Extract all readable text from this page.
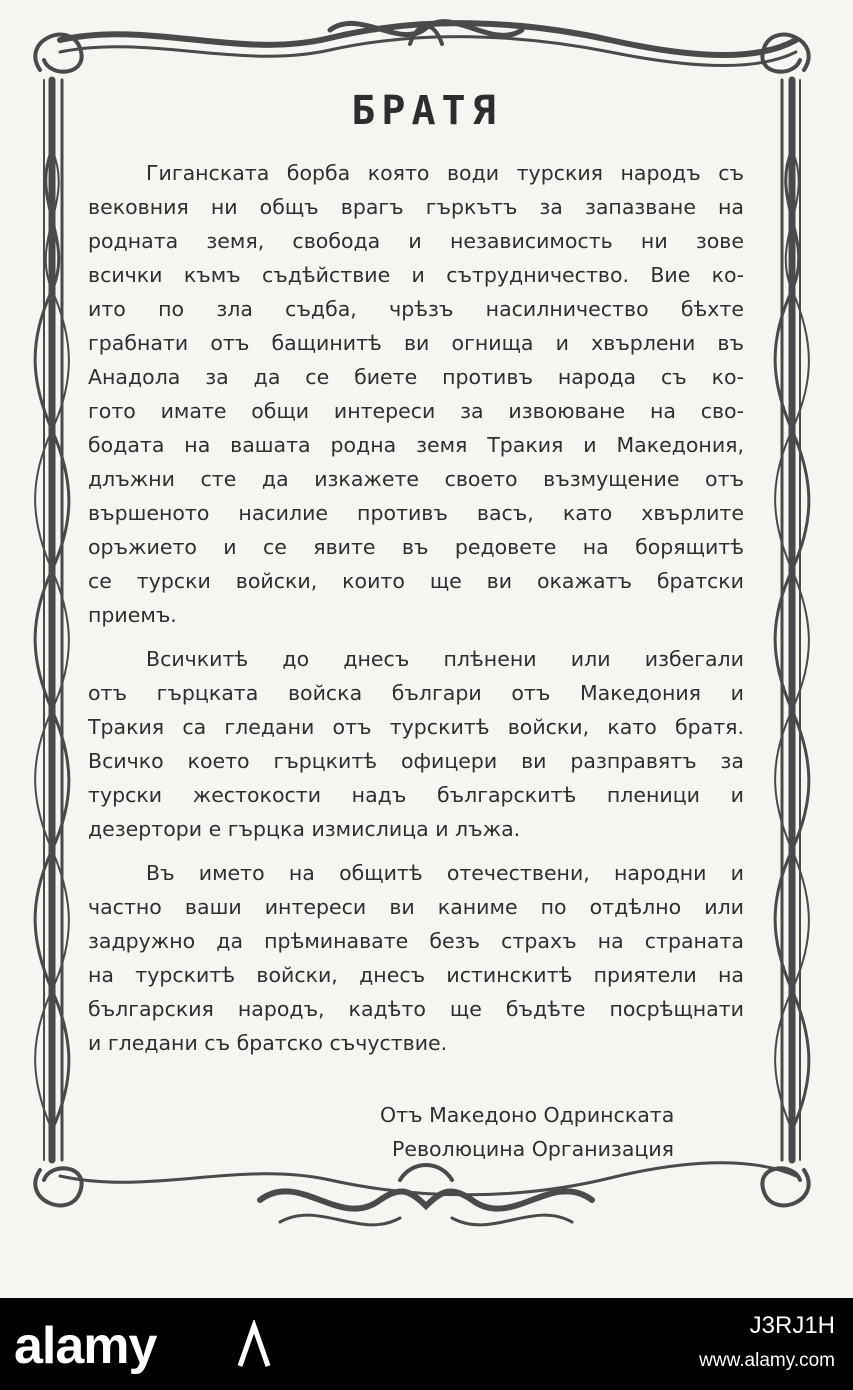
БРАТЯ
Гиганската борба която води турския народъ съ
вековния ни общъ врагъ гъркътъ за запазване на
родната земя, свобода и независимость ни зове
всички къмъ съдѣйствие и сътрудничество. Вие ко-
ито по зла съдба, чрѣзъ насилничество бѣхте
грабнати отъ бащинитѣ ви огнища и хвърлени въ
Анадола за да се биете противъ народа съ ко-
гото имате общи интереси за извоюване на сво-
бодата на вашата родна земя Тракия и Македония,
длъжни сте да изкажете своето възмущение отъ
вършеното насилие противъ васъ, като хвърлите
оръжието и се явите въ редовете на борящитѣ
се турски войски, които ще ви окажатъ братски
приемъ.
Всичкитѣ до днесъ плѣнени или избегали
отъ гърцката войска българи отъ Македония и
Тракия са гледани отъ турскитѣ войски, като братя.
Всичко което гърцкитѣ офицери ви разправятъ за
турски жестокости надъ българскитѣ пленици и
дезертори е гърцка измислица и лъжа.
Въ името на общитѣ отечествени, народни и
частно ваши интереси ви каниме по отдѣлно или
задружно да прѣминавате безъ страхъ на страната
на турскитѣ войски, днесъ истинскитѣ приятели на
българския народъ, кадѣто ще бъдѣте посрѣщнати
и гледани съ братско съчуствие.
Отъ Македоно Одринската
Революцина Организация
alamy	J3RJ1H
www.alamy.com
